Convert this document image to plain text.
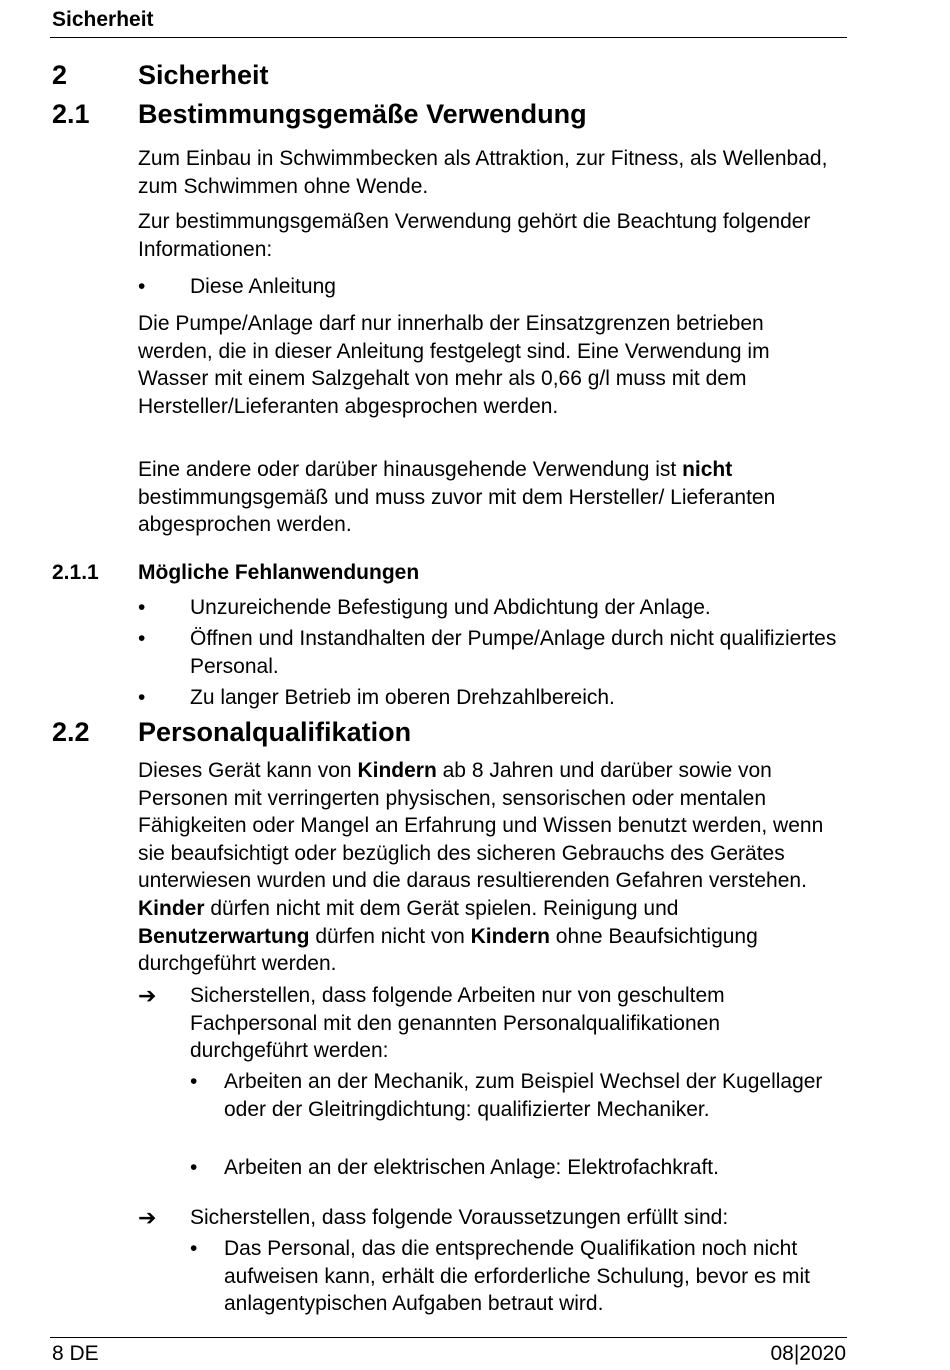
Sicherheit
2	Sicherheit
2.1 Bestimmungsgemäße Verwendung

Zum Einbau in Schwimmbecken als Attraktion, zur Fitness, als Wellenbad, zum Schwimmen ohne Wende.

Zur bestimmungsgemäßen Verwendung gehört die Beachtung folgender Informationen:

• Diese Anleitung

Die Pumpe/Anlage darf nur innerhalb der Einsatzgrenzen betrieben werden, die in dieser Anleitung festgelegt sind. Eine Verwendung im Wasser mit einem Salzgehalt von mehr als 0,66 g/l muss mit dem Hersteller/Lieferanten abgesprochen werden.

Eine andere oder darüber hinausgehende Verwendung ist nicht bestimmungsgemäß und muss zuvor mit dem Hersteller/ Lieferanten abgesprochen werden.

2.1.1 Mögliche Fehlanwendungen
• Unzureichende Befestigung und Abdichtung der Anlage.
• Öffnen und Instandhalten der Pumpe/Anlage durch nicht qualifiziertes Personal.
• Zu langer Betrieb im oberen Drehzahlbereich.
2.2 Personalqualifikation

Dieses Gerät kann von Kindern ab 8 Jahren und darüber sowie von Personen mit verringerten physischen, sensorischen oder mentalen Fähigkeiten oder Mangel an Erfahrung und Wissen benutzt werden, wenn sie beaufsichtigt oder bezüglich des sicheren Gebrauchs des Gerätes unterwiesen wurden und die daraus resultierenden Gefahren verstehen. Kinder dürfen nicht mit dem Gerät spielen. Reinigung und Benutzerwartung dürfen nicht von Kindern ohne Beaufsichtigung durchgeführt werden.

➔ Sicherstellen, dass folgende Arbeiten nur von geschultem Fachpersonal mit den genannten Personalqualifikationen durchgeführt werden:
• Arbeiten an der Mechanik, zum Beispiel Wechsel der Kugellager oder der Gleitringdichtung: qualifizierter Mechaniker.
• Arbeiten an der elektrischen Anlage: Elektrofachkraft.
➔ Sicherstellen, dass folgende Voraussetzungen erfüllt sind:
• Das Personal, das die entsprechende Qualifikation noch nicht aufweisen kann, erhält die erforderliche Schulung, bevor es mit anlagentypischen Aufgaben betraut wird.
8 DE	08|2020
